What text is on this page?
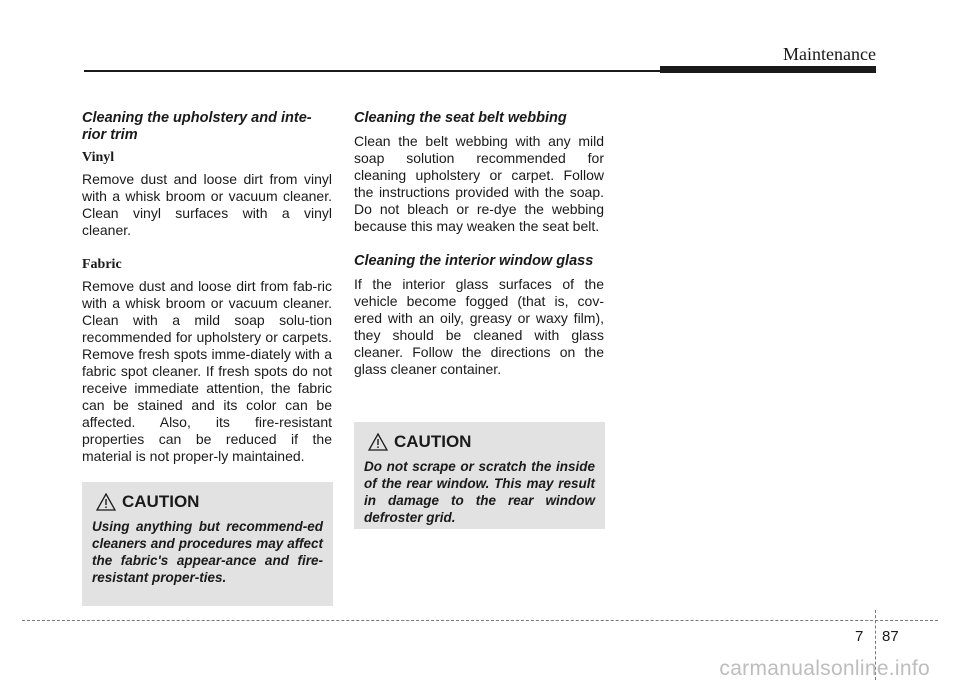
Maintenance

Cleaning the upholstery and inte-rior trim

Vinyl

Remove dust and loose dirt from vinyl with a whisk broom or vacuum cleaner. Clean vinyl surfaces with a vinyl cleaner.

Fabric

Remove dust and loose dirt from fab-ric with a whisk broom or vacuum cleaner. Clean with a mild soap solu-tion recommended for upholstery or carpets. Remove fresh spots imme-diately with a fabric spot cleaner. If fresh spots do not receive immediate attention, the fabric can be stained and its color can be affected. Also, its fire-resistant properties can be reduced if the material is not proper-ly maintained.

CAUTION

Using anything but recommend-ed cleaners and procedures may affect the fabric's appear-ance and fire-resistant proper-ties.

Cleaning the seat belt webbing

Clean the belt webbing with any mild soap solution recommended for cleaning upholstery or carpet. Follow the instructions provided with the soap. Do not bleach or re-dye the webbing because this may weaken the seat belt.

Cleaning the interior window glass

If the interior glass surfaces of the vehicle become fogged (that is, cov-ered with an oily, greasy or waxy film), they should be cleaned with glass cleaner. Follow the directions on the glass cleaner container.

CAUTION

Do not scrape or scratch the inside of the rear window. This may result in damage to the rear window defroster grid.

7 87
carmanualsonline.info
